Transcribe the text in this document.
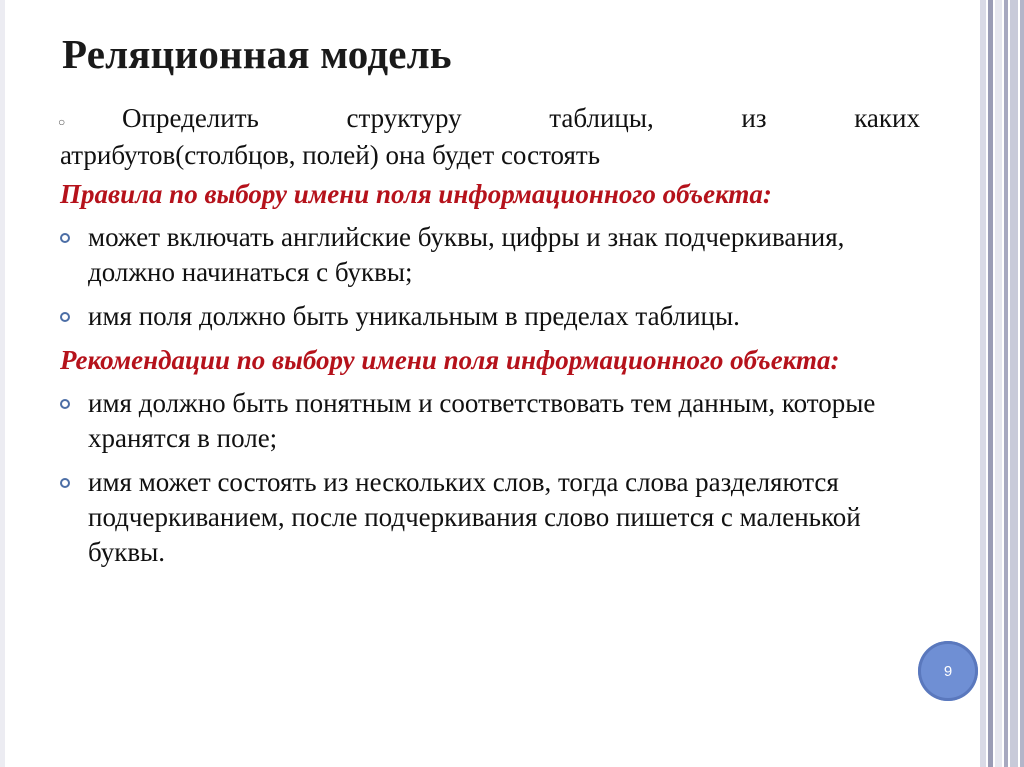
Реляционная модель
○ Определить	структуру	таблицы,	из	каких
атрибутов(столбцов, полей) она будет состоять
Правила по выбору имени поля информационного объекта:
может включать английские буквы, цифры и знак подчеркивания, должно начинаться с буквы;
имя поля должно быть уникальным в пределах таблицы.
Рекомендации по выбору имени поля информационного объекта:
имя должно быть понятным и соответствовать тем данным, которые хранятся в поле;
имя может состоять из нескольких слов, тогда слова разделяются подчеркиванием, после подчеркивания слово пишется с маленькой буквы.
9
